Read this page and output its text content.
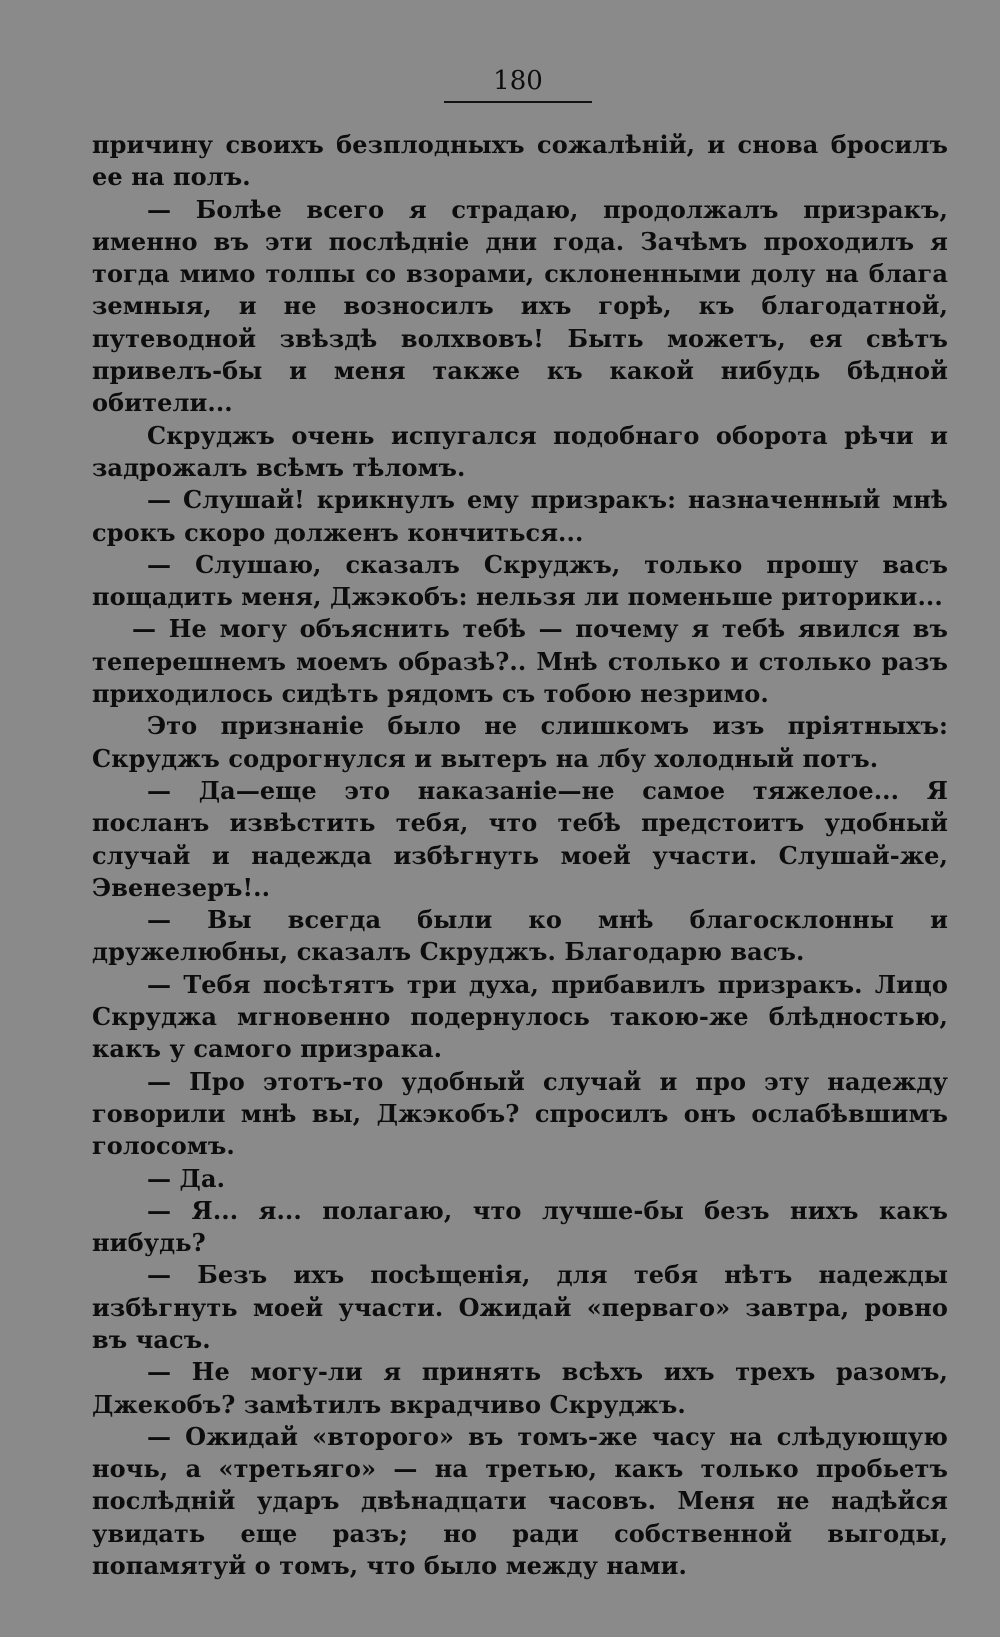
180

причину своихъ безплодныхъ сожалѣній, и снова бросилъ ее на полъ.

— Болѣе всего я страдаю, продолжалъ призракъ, именно въ эти послѣдніе дни года. Зачѣмъ проходилъ я тогда мимо толпы со взорами, склоненными долу на блага земныя, и не возносилъ ихъ горѣ, къ благодатной, путеводной звѣздѣ волхвовъ! Быть можетъ, ея свѣтъ привелъ-бы и меня также къ какой нибудь бѣдной обители...

Скруджъ очень испугался подобнаго оборота рѣчи и задрожалъ всѣмъ тѣломъ.

— Слушай! крикнулъ ему призракъ: назначенный мнѣ срокъ скоро долженъ кончиться...

— Слушаю, сказалъ Скруджъ, только прошу васъ пощадить меня, Джэкобъ: нельзя ли поменьше риторики...

— Не могу объяснить тебѣ — почему я тебѣ явился въ теперешнемъ моемъ образѣ?.. Мнѣ столько и столько разъ приходилось сидѣть рядомъ съ тобою незримо.

Это признаніе было не слишкомъ изъ пріятныхъ: Скруджъ содрогнулся и вытеръ на лбу холодный потъ.

— Да—еще это наказаніе—не самое тяжелое... Я посланъ извѣстить тебя, что тебѣ предстоитъ удобный случай и надежда избѣгнуть моей участи. Слушай-же, Эвенезеръ!..

— Вы всегда были ко мнѣ благосклонны и дружелюбны, сказалъ Скруджъ. Благодарю васъ.

— Тебя посѣтятъ три духа, прибавилъ призракъ. Лицо Скруджа мгновенно подернулось такою-же блѣдностью, какъ у самого призрака.

— Про этотъ-то удобный случай и про эту надежду говорили мнѣ вы, Джэкобъ? спросилъ онъ ослабѣвшимъ голосомъ.

— Да.

— Я... я... полагаю, что лучше-бы безъ нихъ какъ нибудь?

— Безъ ихъ посѣщенія, для тебя нѣтъ надежды избѣгнуть моей участи. Ожидай «перваго» завтра, ровно въ часъ.

— Не могу-ли я принять всѣхъ ихъ трехъ разомъ, Джекобъ? замѣтилъ вкрадчиво Скруджъ.

— Ожидай «второго» въ томъ-же часу на слѣдующую ночь, а «третьяго» — на третью, какъ только пробьетъ послѣдній ударъ двѣнадцати часовъ. Меня не надѣйся увидать еще разъ; но ради собственной выгоды, попамятуй о томъ, что было между нами.
